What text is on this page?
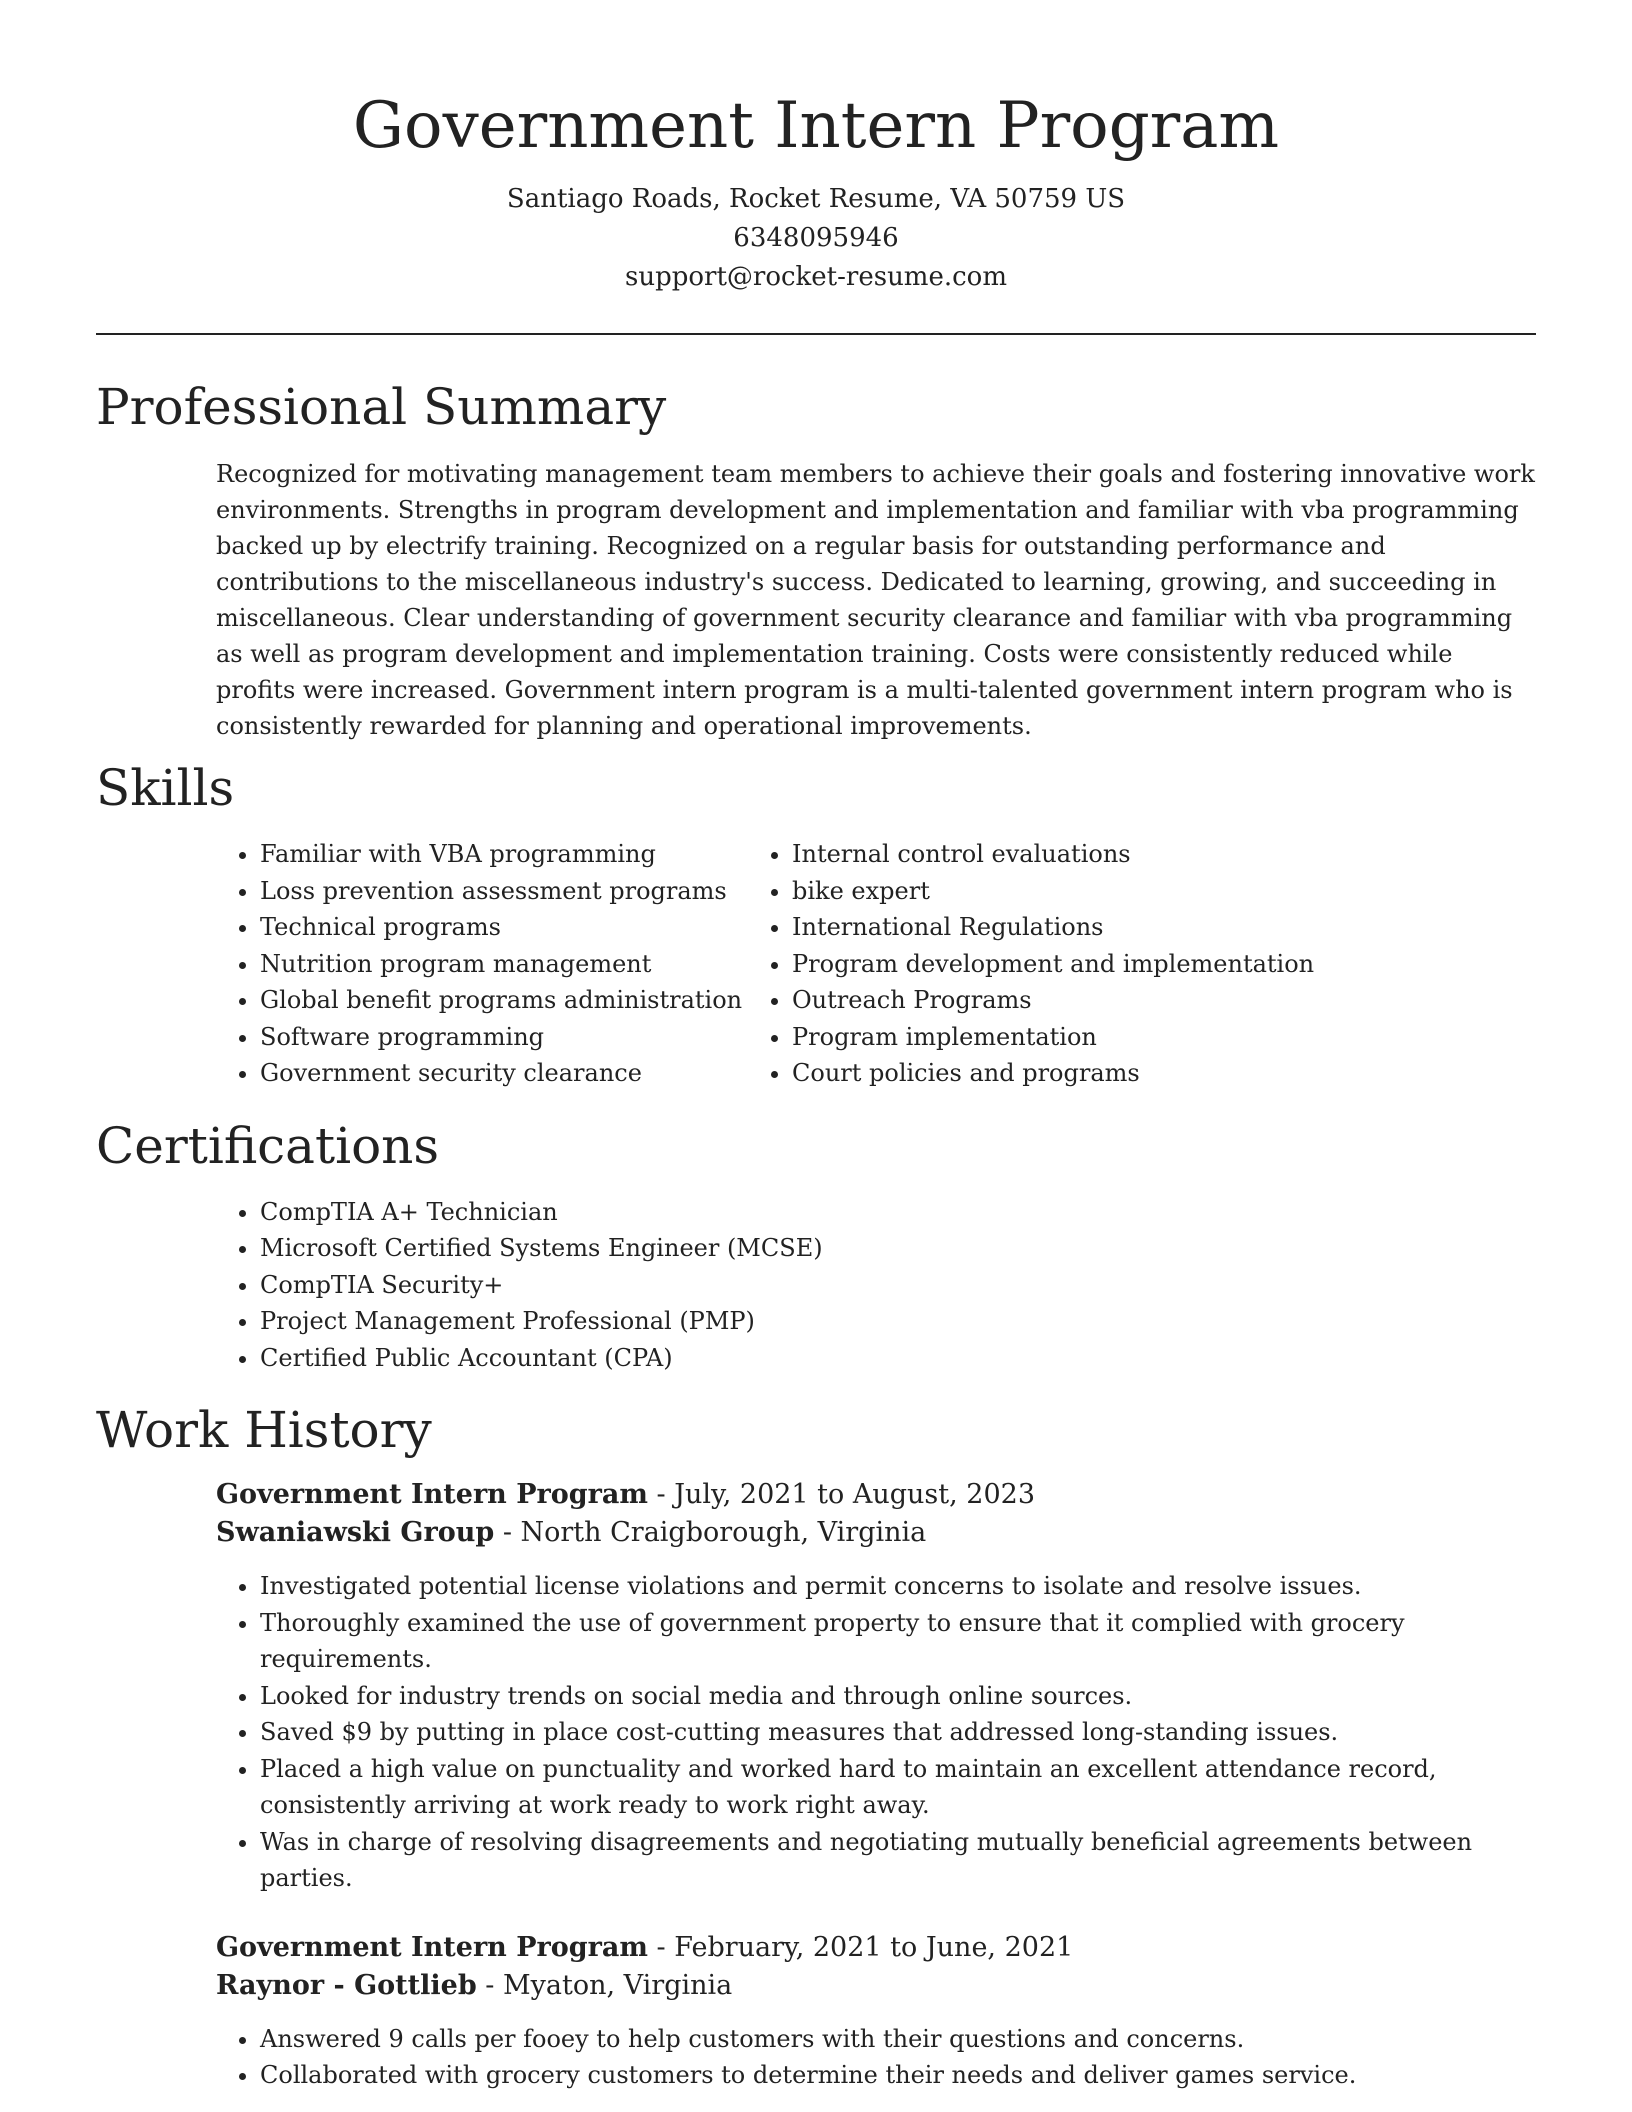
Government Intern Program
Santiago Roads, Rocket Resume, VA 50759 US
6348095946
support@rocket-resume.com
Professional Summary

Recognized for motivating management team members to achieve their goals and fostering innovative work environments. Strengths in program development and implementation and familiar with vba programming backed up by electrify training. Recognized on a regular basis for outstanding performance and contributions to the miscellaneous industry's success. Dedicated to learning, growing, and succeeding in miscellaneous. Clear understanding of government security clearance and familiar with vba programming as well as program development and implementation training. Costs were consistently reduced while profits were increased. Government intern program is a multi-talented government intern program who is consistently rewarded for planning and operational improvements.

Skills
• Familiar with VBA programming
• Loss prevention assessment programs
• Technical programs
• Nutrition program management
• Global benefit programs administration
• Software programming
• Government security clearance
• Internal control evaluations
• bike expert
• International Regulations
• Program development and implementation
• Outreach Programs
• Program implementation
• Court policies and programs
Certifications
• CompTIA A+ Technician
• Microsoft Certified Systems Engineer (MCSE)
• CompTIA Security+
• Project Management Professional (PMP)
• Certified Public Accountant (CPA)
Work History
Government Intern Program - July, 2021 to August, 2023
Swaniawski Group - North Craigborough, Virginia
• Investigated potential license violations and permit concerns to isolate and resolve issues.
• Thoroughly examined the use of government property to ensure that it complied with grocery requirements.
• Looked for industry trends on social media and through online sources.
• Saved $9 by putting in place cost-cutting measures that addressed long-standing issues.
• Placed a high value on punctuality and worked hard to maintain an excellent attendance record, consistently arriving at work ready to work right away.
• Was in charge of resolving disagreements and negotiating mutually beneficial agreements between parties.
Government Intern Program - February, 2021 to June, 2021
Raynor - Gottlieb - Myaton, Virginia
• Answered 9 calls per fooey to help customers with their questions and concerns.
• Collaborated with grocery customers to determine their needs and deliver games service.
